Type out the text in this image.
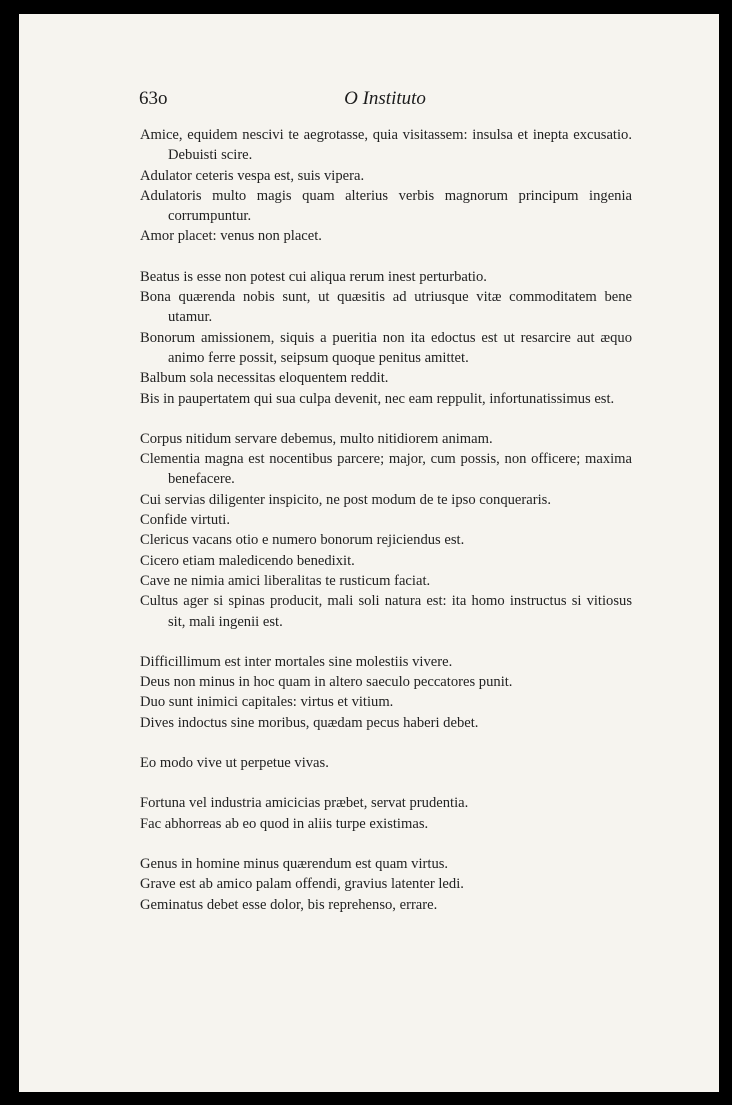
63o	O Instituto

Amice, equidem nescivi te aegrotasse, quia visitassem: insulsa et inepta excusatio. Debuisti scire.

Adulator ceteris vespa est, suis vipera.

Adulatoris multo magis quam alterius verbis magnorum principum ingenia corrumpuntur.

Amor placet: venus non placet.

Beatus is esse non potest cui aliqua rerum inest perturbatio.

Bona quærenda nobis sunt, ut quæsitis ad utriusque vitæ commoditatem bene utamur.

Bonorum amissionem, siquis a pueritia non ita edoctus est ut resarcire aut æquo animo ferre possit, seipsum quoque penitus amittet.

Balbum sola necessitas eloquentem reddit.

Bis in paupertatem qui sua culpa devenit, nec eam reppulit, infortunatissimus est.

Corpus nitidum servare debemus, multo nitidiorem animam.

Clementia magna est nocentibus parcere; major, cum possis, non officere; maxima benefacere.

Cui servias diligenter inspicito, ne post modum de te ipso conqueraris.

Confide virtuti.

Clericus vacans otio e numero bonorum rejiciendus est.

Cicero etiam maledicendo benedixit.

Cave ne nimia amici liberalitas te rusticum faciat.

Cultus ager si spinas producit, mali soli natura est: ita homo instructus si vitiosus sit, mali ingenii est.

Difficillimum est inter mortales sine molestiis vivere.

Deus non minus in hoc quam in altero saeculo peccatores punit.

Duo sunt inimici capitales: virtus et vitium.

Dives indoctus sine moribus, quædam pecus haberi debet.

Eo modo vive ut perpetue vivas.

Fortuna vel industria amicicias præbet, servat prudentia.

Fac abhorreas ab eo quod in aliis turpe existimas.

Genus in homine minus quærendum est quam virtus.

Grave est ab amico palam offendi, gravius latenter ledi.

Geminatus debet esse dolor, bis reprehenso, errare.
